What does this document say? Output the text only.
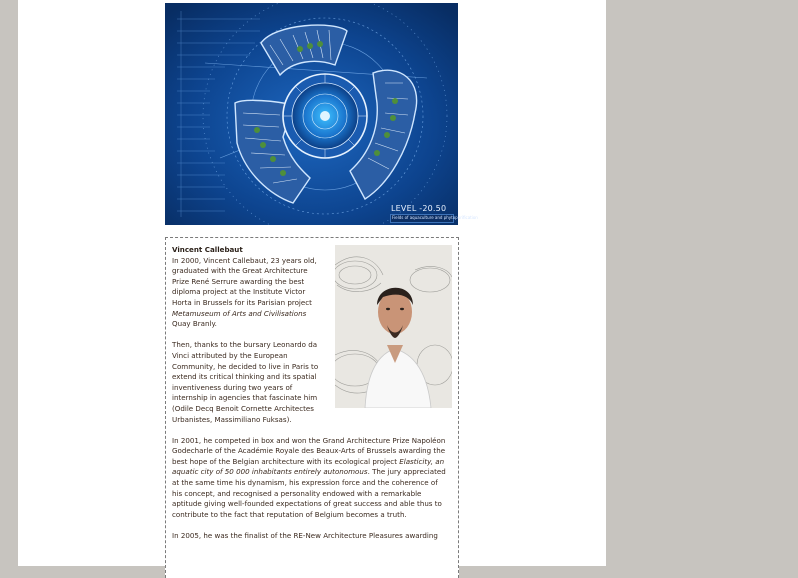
LEVEL -20.50
Fields of aquaculture and phytopurification
Vincent Callebaut

In 2000, Vincent Callebaut, 23 years old, graduated with the Great Architecture Prize René Serrure awarding the best diploma project at the Institute Victor Horta in Brussels for its Parisian project Metamuseum of Arts and Civilisations Quay Branly.

Then, thanks to the bursary Leonardo da Vinci attributed by the European Community, he decided to live in Paris to extend its critical thinking and its spatial inventiveness during two years of internship in agencies that fascinate him (Odile Decq Benoit Cornette Architectes Urbanistes, Massimiliano Fuksas).

In 2001, he competed in box and won the Grand Architecture Prize Napoléon Godecharle of the Académie Royale des Beaux-Arts of Brussels awarding the best hope of the Belgian architecture with its ecological project Elasticity, an aquatic city of 50 000 inhabitants entirely autonomous. The jury appreciated at the same time his dynamism, his expression force and the coherence of his concept, and recognised a personality endowed with a remarkable aptitude giving well-founded expectations of great success and able thus to contribute to the fact that reputation of Belgium becomes a truth.

In 2005, he was the finalist of the RE-New Architecture Pleasures awarding
